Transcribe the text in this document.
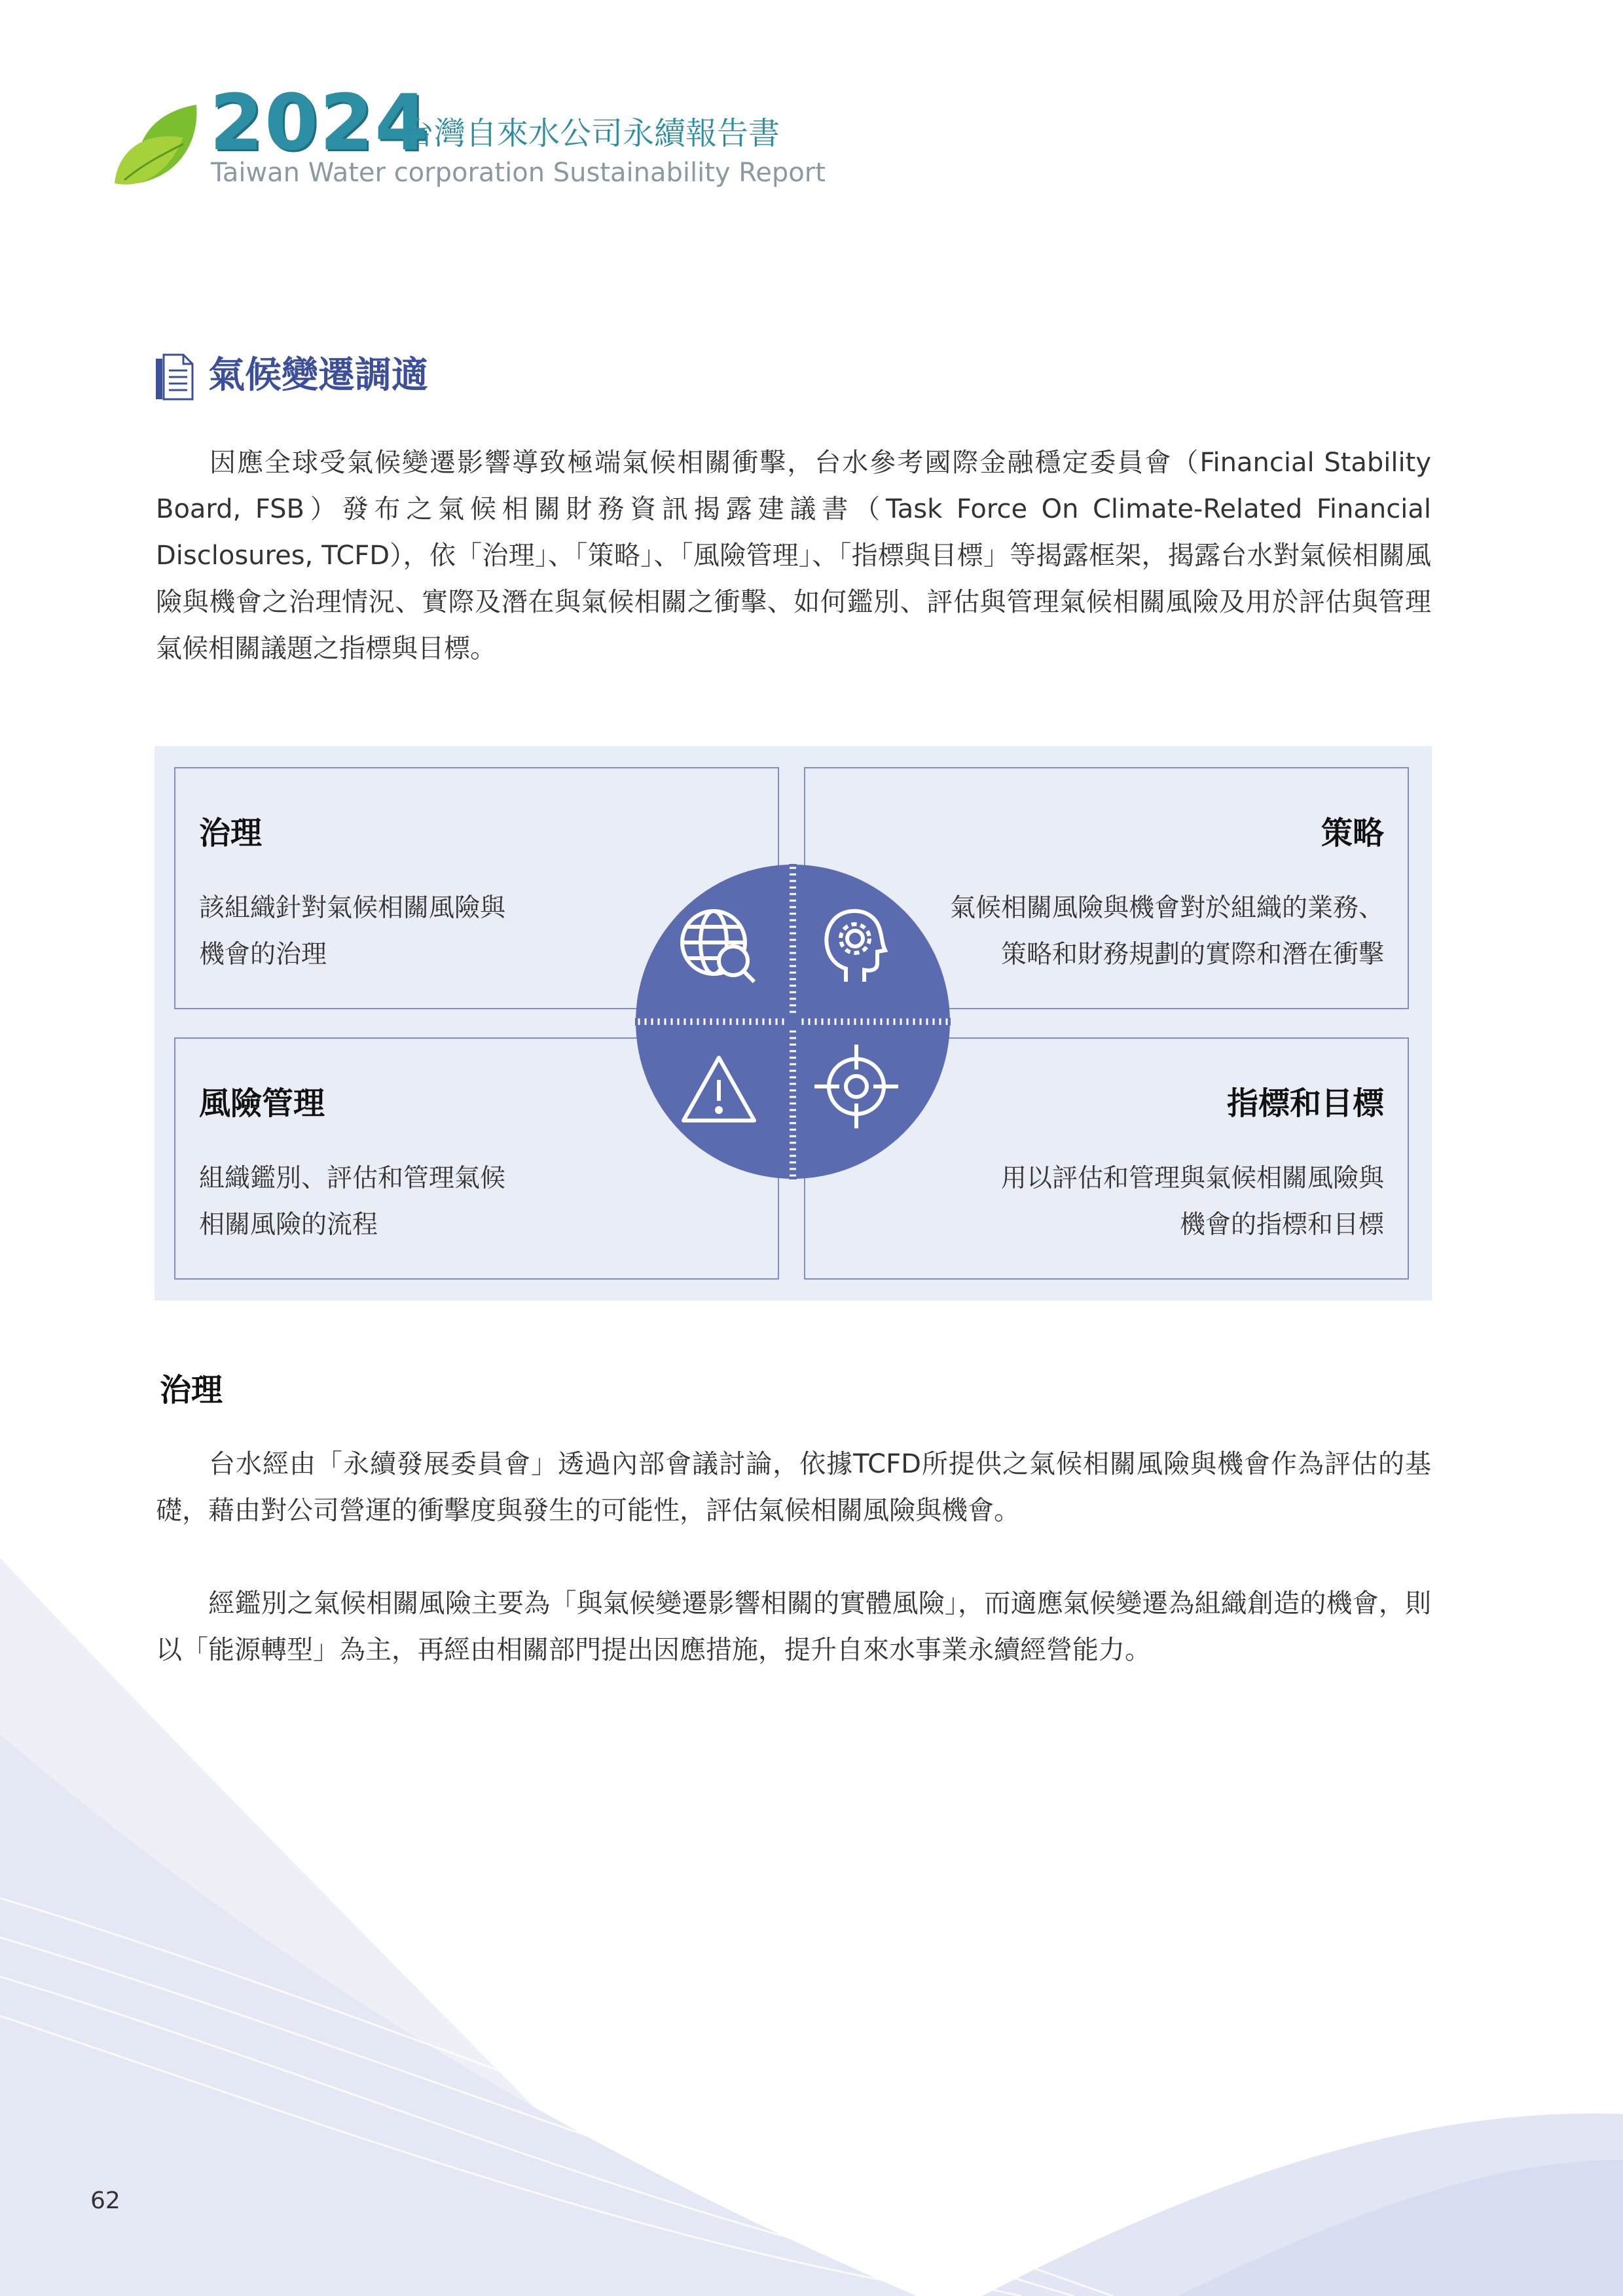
2024
台灣自來水公司永續報告書
Taiwan Water corporation Sustainability Report
氣候變遷調適
因應全球受氣候變遷影響導致極端氣候相關衝擊，台水參考國際金融穩定委員會（Financial Stability Board, FSB）發布之氣候相關財務資訊揭露建議書（Task Force On Climate-Related Financial Disclosures, TCFD），依「治理」、「策略」、「風險管理」、「指標與目標」等揭露框架，揭露台水對氣候相關風險與機會之治理情況、實際及潛在與氣候相關之衝擊、如何鑑別、評估與管理氣候相關風險及用於評估與管理氣候相關議題之指標與目標。
治理

該組織針對氣候相關風險與
機會的治理

策略

氣候相關風險與機會對於組織的業務、
策略和財務規劃的實際和潛在衝擊

風險管理

組織鑑別、評估和管理氣候
相關風險的流程

指標和目標

用以評估和管理與氣候相關風險與
機會的指標和目標

治理
台水經由「永續發展委員會」透過內部會議討論，依據TCFD所提供之氣候相關風險與機會作為評估的基礎，藉由對公司營運的衝擊度與發生的可能性，評估氣候相關風險與機會。
經鑑別之氣候相關風險主要為「與氣候變遷影響相關的實體風險」，而適應氣候變遷為組織創造的機會，則以「能源轉型」為主，再經由相關部門提出因應措施，提升自來水事業永續經營能力。
62
